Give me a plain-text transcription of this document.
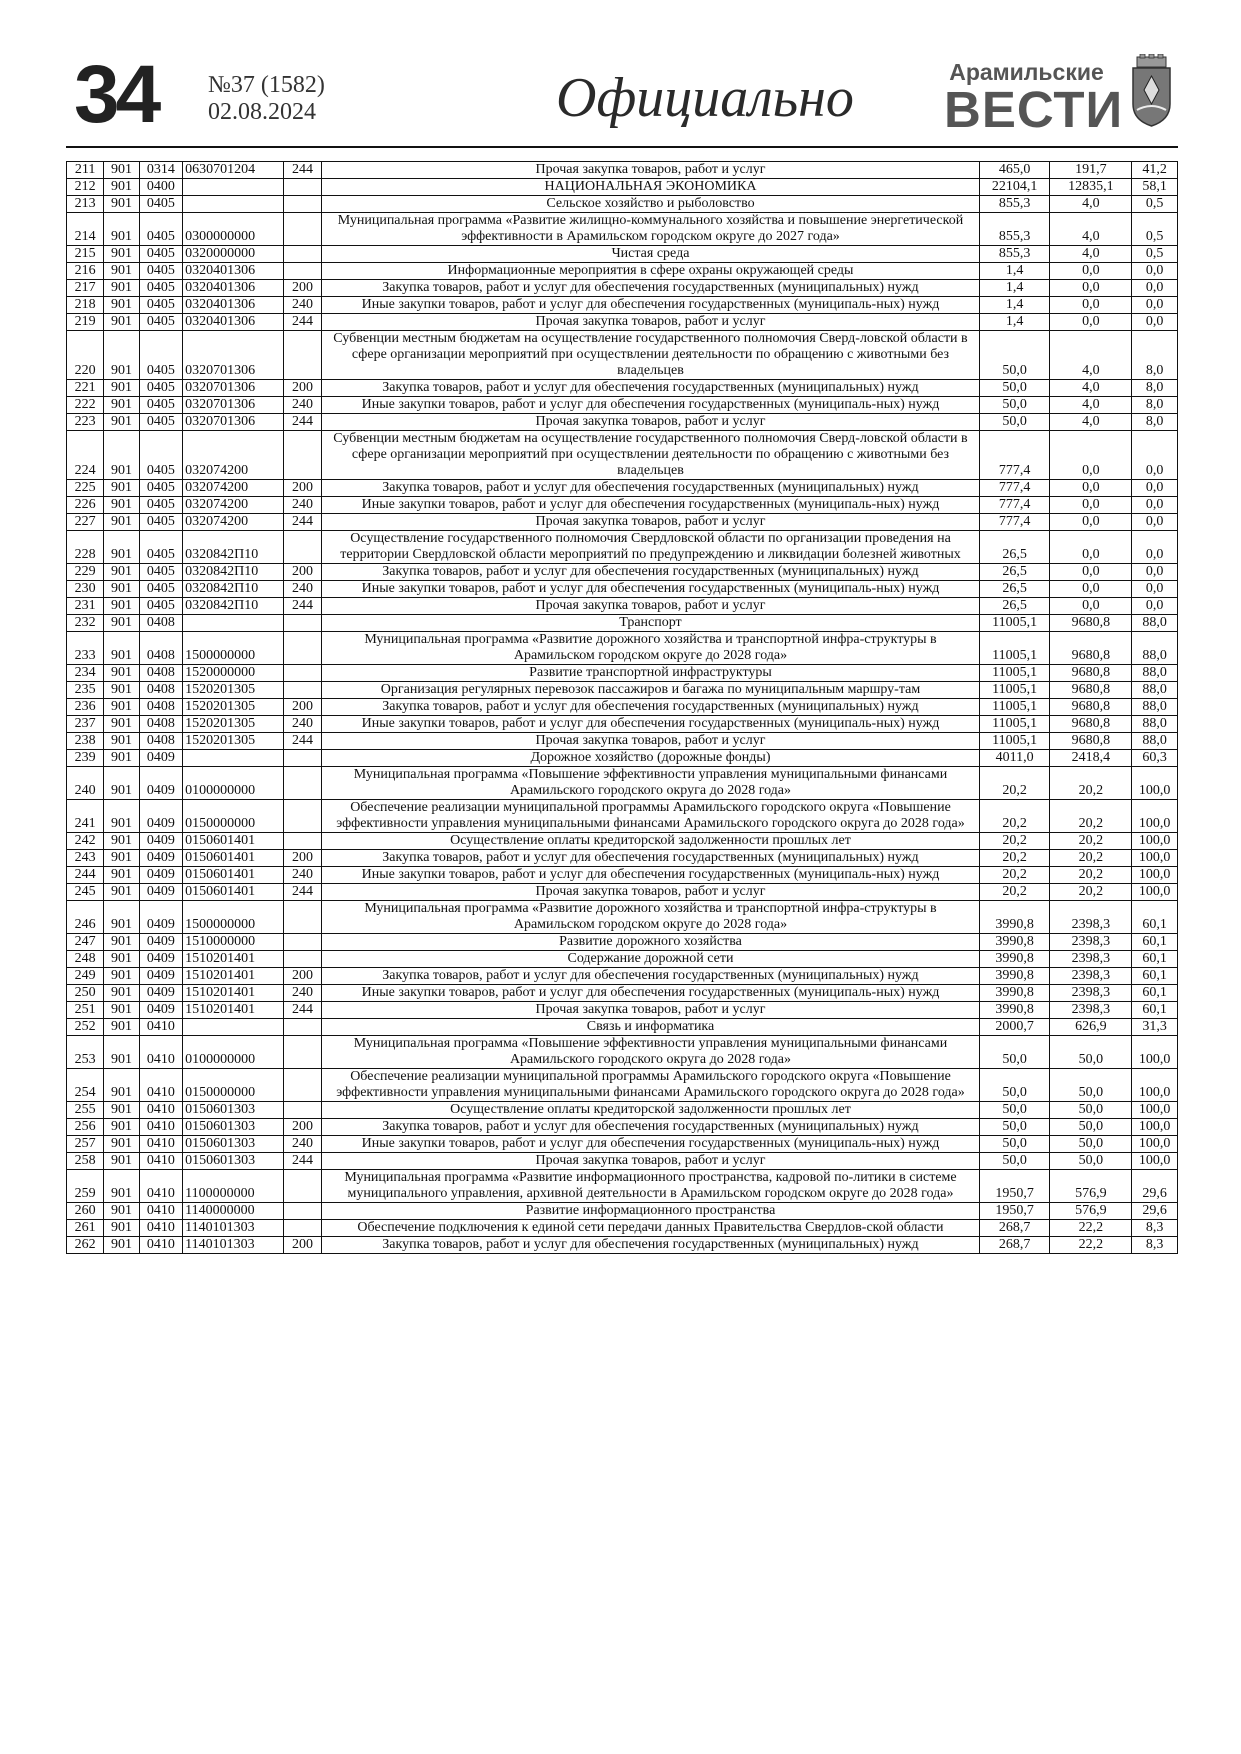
34 №37 (1582)
02.08.2024	Официально	Арамильские
ВЕСТИ
211	901	0314	0630701204	244	Прочая закупка товаров, работ и услуг	465,0	191,7	41,2
212	901	0400			НАЦИОНАЛЬНАЯ ЭКОНОМИКА	22104,1	12835,1	58,1
213	901	0405			Сельское хозяйство и рыболовство	855,3	4,0	0,5
214	901	0405	0300000000		Муниципальная программа «Развитие жилищно-коммунального хозяйства и повышение энергетической эффективности в Арамильском городском округе до 2027 года»	855,3	4,0	0,5
215	901	0405	0320000000		Чистая среда	855,3	4,0	0,5
216	901	0405	0320401306		Информационные мероприятия в сфере охраны окружающей среды	1,4	0,0	0,0
217	901	0405	0320401306	200	Закупка товаров, работ и услуг для обеспечения государственных (муниципальных) нужд	1,4	0,0	0,0
218	901	0405	0320401306	240	Иные закупки товаров, работ и услуг для обеспечения государственных (муниципаль-ных) нужд	1,4	0,0	0,0
219	901	0405	0320401306	244	Прочая закупка товаров, работ и услуг	1,4	0,0	0,0
220	901	0405	0320701306		Субвенции местным бюджетам на осуществление государственного полномочия Сверд-ловской области в сфере организации мероприятий при осуществлении деятельности по обращению с животными без владельцев	50,0	4,0	8,0
221	901	0405	0320701306	200	Закупка товаров, работ и услуг для обеспечения государственных (муниципальных) нужд	50,0	4,0	8,0
222	901	0405	0320701306	240	Иные закупки товаров, работ и услуг для обеспечения государственных (муниципаль-ных) нужд	50,0	4,0	8,0
223	901	0405	0320701306	244	Прочая закупка товаров, работ и услуг	50,0	4,0	8,0
224	901	0405	032074200		Субвенции местным бюджетам на осуществление государственного полномочия Сверд-ловской области в сфере организации мероприятий при осуществлении деятельности по обращению с животными без владельцев	777,4	0,0	0,0
225	901	0405	032074200	200	Закупка товаров, работ и услуг для обеспечения государственных (муниципальных) нужд	777,4	0,0	0,0
226	901	0405	032074200	240	Иные закупки товаров, работ и услуг для обеспечения государственных (муниципаль-ных) нужд	777,4	0,0	0,0
227	901	0405	032074200	244	Прочая закупка товаров, работ и услуг	777,4	0,0	0,0
228	901	0405	0320842П10		Осуществление государственного полномочия Свердловской области по организации проведения на территории Свердловской области мероприятий по предупреждению и ликвидации болезней животных	26,5	0,0	0,0
229	901	0405	0320842П10	200	Закупка товаров, работ и услуг для обеспечения государственных (муниципальных) нужд	26,5	0,0	0,0
230	901	0405	0320842П10	240	Иные закупки товаров, работ и услуг для обеспечения государственных (муниципаль-ных) нужд	26,5	0,0	0,0
231	901	0405	0320842П10	244	Прочая закупка товаров, работ и услуг	26,5	0,0	0,0
232	901	0408			Транспорт	11005,1	9680,8	88,0
233	901	0408	1500000000		Муниципальная программа «Развитие дорожного хозяйства и транспортной инфра-структуры в Арамильском городском округе до 2028 года»	11005,1	9680,8	88,0
234	901	0408	1520000000		Развитие транспортной инфраструктуры	11005,1	9680,8	88,0
235	901	0408	1520201305		Организация регулярных перевозок пассажиров и багажа по муниципальным маршру-там	11005,1	9680,8	88,0
236	901	0408	1520201305	200	Закупка товаров, работ и услуг для обеспечения государственных (муниципальных) нужд	11005,1	9680,8	88,0
237	901	0408	1520201305	240	Иные закупки товаров, работ и услуг для обеспечения государственных (муниципаль-ных) нужд	11005,1	9680,8	88,0
238	901	0408	1520201305	244	Прочая закупка товаров, работ и услуг	11005,1	9680,8	88,0
239	901	0409			Дорожное хозяйство (дорожные фонды)	4011,0	2418,4	60,3
240	901	0409	0100000000		Муниципальная программа «Повышение эффективности управления муниципальными финансами Арамильского городского округа до 2028 года»	20,2	20,2	100,0
241	901	0409	0150000000		Обеспечение реализации муниципальной программы Арамильского городского округа «Повышение эффективности управления муниципальными финансами Арамильского городского округа до 2028 года»	20,2	20,2	100,0
242	901	0409	0150601401		Осуществление оплаты кредиторской задолженности прошлых лет	20,2	20,2	100,0
243	901	0409	0150601401	200	Закупка товаров, работ и услуг для обеспечения государственных (муниципальных) нужд	20,2	20,2	100,0
244	901	0409	0150601401	240	Иные закупки товаров, работ и услуг для обеспечения государственных (муниципаль-ных) нужд	20,2	20,2	100,0
245	901	0409	0150601401	244	Прочая закупка товаров, работ и услуг	20,2	20,2	100,0
246	901	0409	1500000000		Муниципальная программа «Развитие дорожного хозяйства и транспортной инфра-структуры в Арамильском городском округе до 2028 года»	3990,8	2398,3	60,1
247	901	0409	1510000000		Развитие дорожного хозяйства	3990,8	2398,3	60,1
248	901	0409	1510201401		Содержание дорожной сети	3990,8	2398,3	60,1
249	901	0409	1510201401	200	Закупка товаров, работ и услуг для обеспечения государственных (муниципальных) нужд	3990,8	2398,3	60,1
250	901	0409	1510201401	240	Иные закупки товаров, работ и услуг для обеспечения государственных (муниципаль-ных) нужд	3990,8	2398,3	60,1
251	901	0409	1510201401	244	Прочая закупка товаров, работ и услуг	3990,8	2398,3	60,1
252	901	0410			Связь и информатика	2000,7	626,9	31,3
253	901	0410	0100000000		Муниципальная программа «Повышение эффективности управления муниципальными финансами Арамильского городского округа до 2028 года»	50,0	50,0	100,0
254	901	0410	0150000000		Обеспечение реализации муниципальной программы Арамильского городского округа «Повышение эффективности управления муниципальными финансами Арамильского городского округа до 2028 года»	50,0	50,0	100,0
255	901	0410	0150601303		Осуществление оплаты кредиторской задолженности прошлых лет	50,0	50,0	100,0
256	901	0410	0150601303	200	Закупка товаров, работ и услуг для обеспечения государственных (муниципальных) нужд	50,0	50,0	100,0
257	901	0410	0150601303	240	Иные закупки товаров, работ и услуг для обеспечения государственных (муниципаль-ных) нужд	50,0	50,0	100,0
258	901	0410	0150601303	244	Прочая закупка товаров, работ и услуг	50,0	50,0	100,0
259	901	0410	1100000000		Муниципальная программа «Развитие информационного пространства, кадровой по-литики в системе муниципального управления, архивной деятельности в Арамильском городском округе до 2028 года»	1950,7	576,9	29,6
260	901	0410	1140000000		Развитие информационного пространства	1950,7	576,9	29,6
261	901	0410	1140101303		Обеспечение подключения к единой сети передачи данных Правительства Свердлов-ской области	268,7	22,2	8,3
262	901	0410	1140101303	200	Закупка товаров, работ и услуг для обеспечения государственных (муниципальных) нужд	268,7	22,2	8,3
